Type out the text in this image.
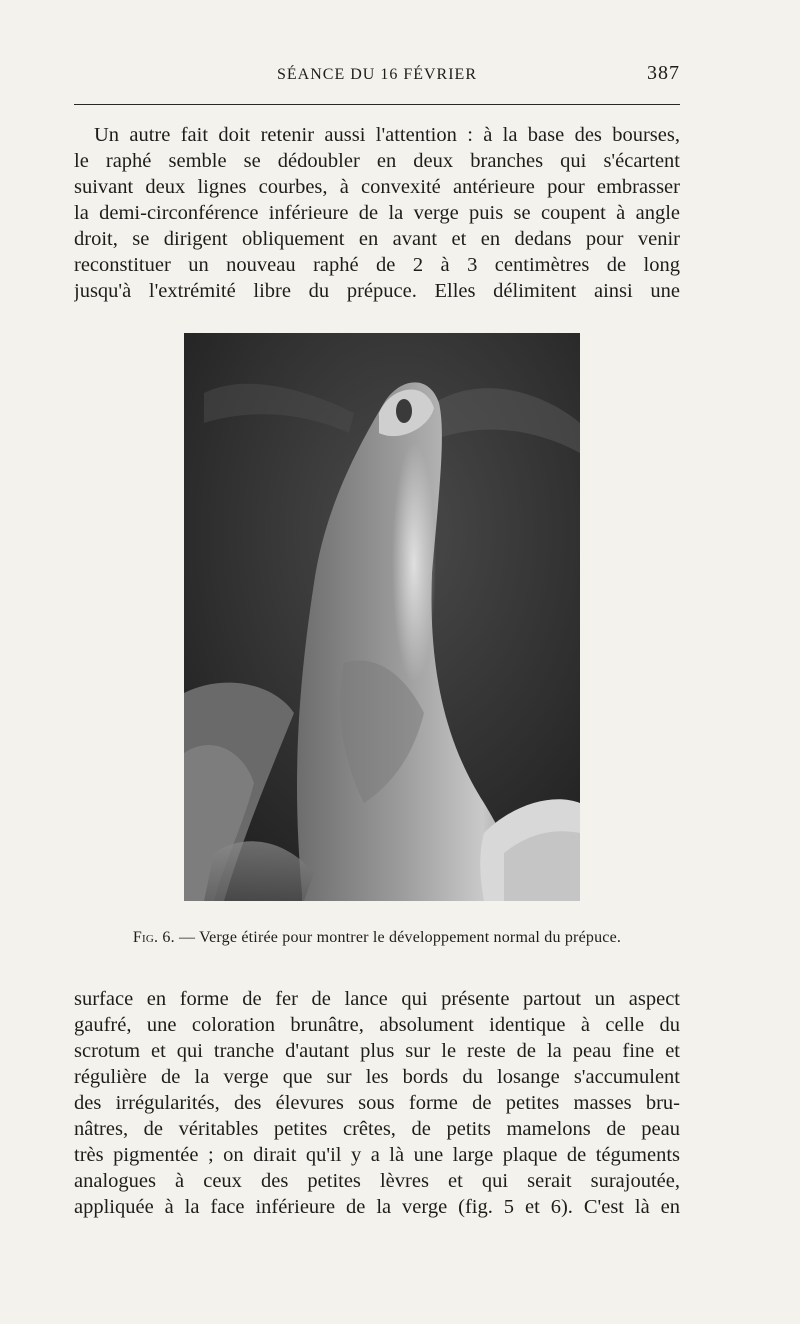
SÉANCE DU 16 FÉVRIER	387
Un autre fait doit retenir aussi l'attention : à la base des bourses,
le raphé semble se dédoubler en deux branches qui s'écartent
suivant deux lignes courbes, à convexité antérieure pour embrasser
la demi-circonférence inférieure de la verge puis se coupent à angle
droit, se dirigent obliquement en avant et en dedans pour venir
reconstituer un nouveau raphé de 2 à 3 centimètres de long
jusqu'à l'extrémité libre du prépuce. Elles délimitent ainsi une
Fig. 6. — Verge étirée pour montrer le développement normal du prépuce.
surface en forme de fer de lance qui présente partout un aspect
gaufré, une coloration brunâtre, absolument identique à celle du
scrotum et qui tranche d'autant plus sur le reste de la peau fine et
régulière de la verge que sur les bords du losange s'accumulent
des irrégularités, des élevures sous forme de petites masses bru-
nâtres, de véritables petites crêtes, de petits mamelons de peau
très pigmentée ; on dirait qu'il y a là une large plaque de téguments
analogues à ceux des petites lèvres et qui serait surajoutée,
appliquée à la face inférieure de la verge (fig. 5 et 6). C'est là en
